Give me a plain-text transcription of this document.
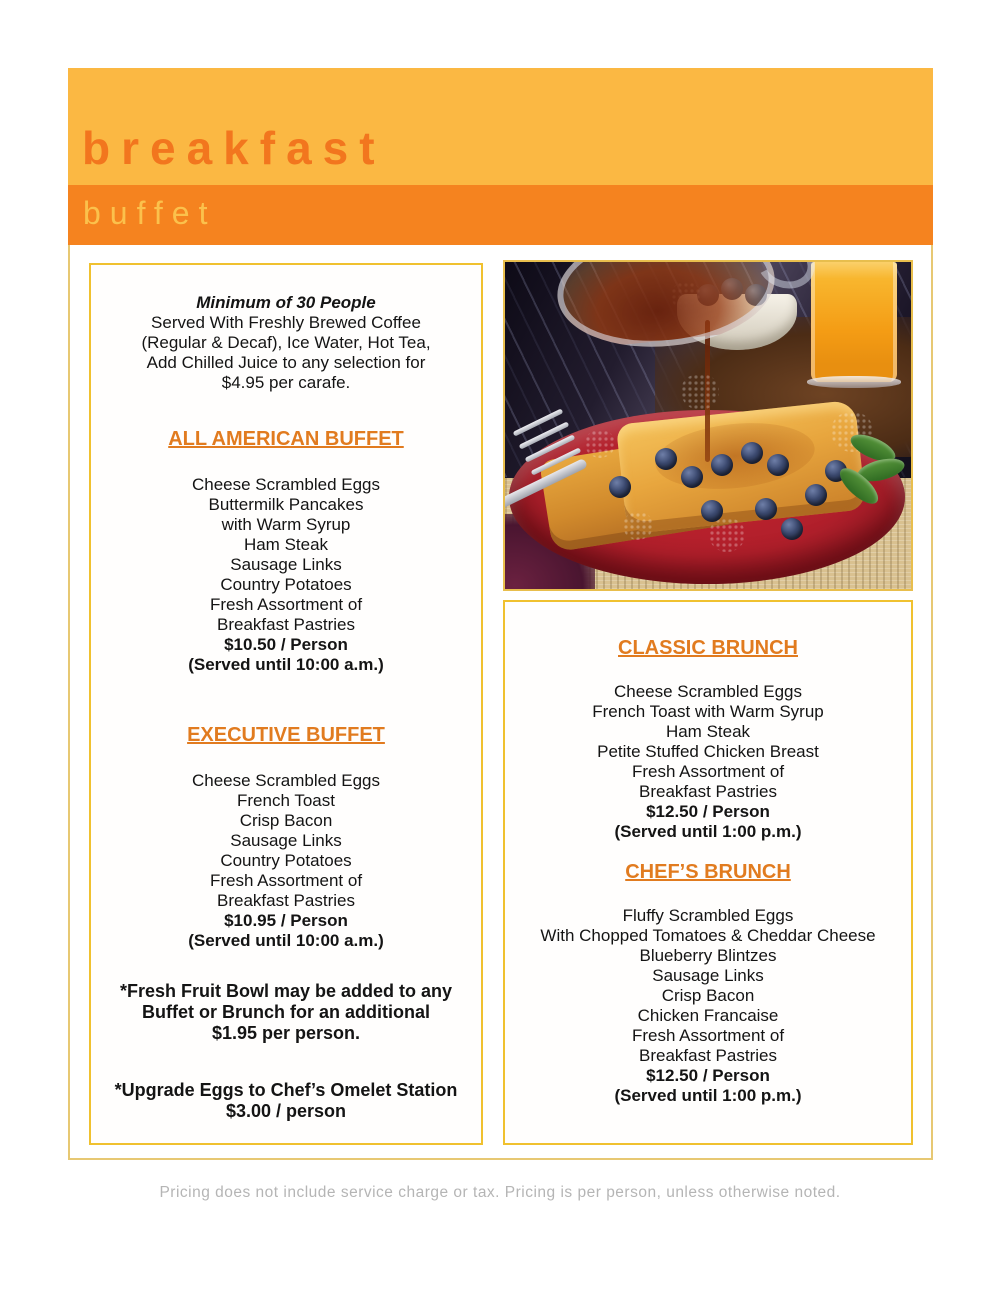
breakfast
buffet
Minimum of 30 People
Served With Freshly Brewed Coffee
(Regular & Decaf), Ice Water, Hot Tea,
Add Chilled Juice to any selection for
$4.95 per carafe.
ALL AMERICAN BUFFET
Cheese Scrambled Eggs
Buttermilk Pancakes
with Warm Syrup
Ham Steak
Sausage Links
Country Potatoes
Fresh Assortment of
Breakfast Pastries
$10.50 / Person
(Served until 10:00 a.m.)
EXECUTIVE BUFFET
Cheese Scrambled Eggs
French Toast
Crisp Bacon
Sausage Links
Country Potatoes
Fresh Assortment of
Breakfast Pastries
$10.95 / Person
(Served until 10:00 a.m.)
*Fresh Fruit Bowl may be added to any
Buffet or Brunch for an additional
$1.95 per person.
*Upgrade Eggs to Chef’s Omelet Station
$3.00 / person
CLASSIC BRUNCH
Cheese Scrambled Eggs
French Toast with Warm Syrup
Ham Steak
Petite Stuffed Chicken Breast
Fresh Assortment of
Breakfast Pastries
$12.50 / Person
(Served until 1:00 p.m.)
CHEF’S BRUNCH
Fluffy Scrambled Eggs
With Chopped Tomatoes & Cheddar Cheese
Blueberry Blintzes
Sausage Links
Crisp Bacon
Chicken Francaise
Fresh Assortment of
Breakfast Pastries
$12.50 / Person
(Served until 1:00 p.m.)
Pricing does not include service charge or tax. Pricing is per person, unless otherwise noted.
